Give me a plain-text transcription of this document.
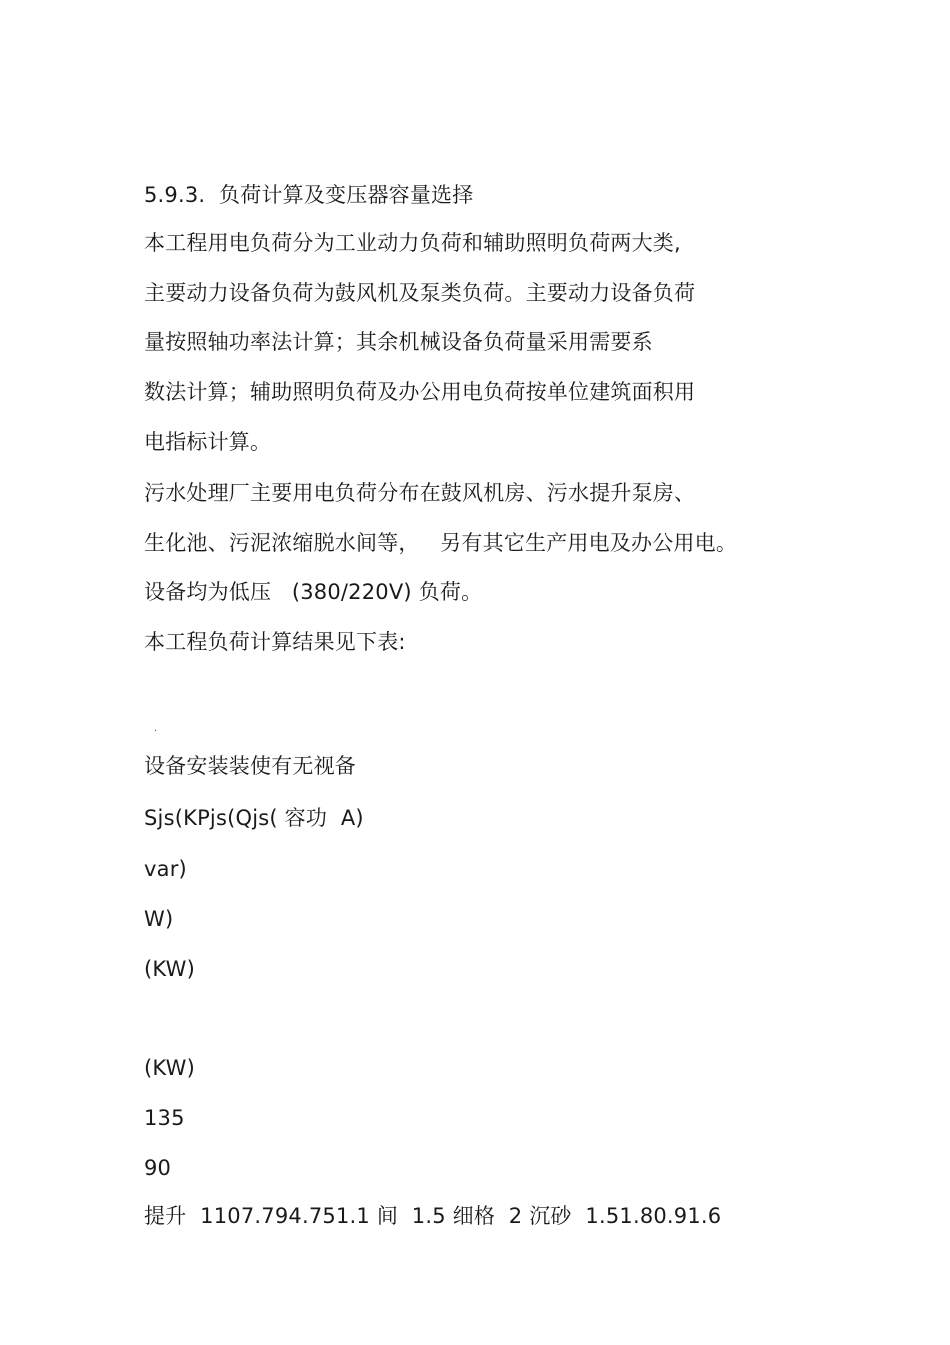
5.9.3.  负荷计算及变压器容量选择
本工程用电负荷分为工业动力负荷和辅助照明负荷两大类,
主要动力设备负荷为鼓风机及泵类负荷。主要动力设备负荷
量按照轴功率法计算；其余机械设备负荷量采用需要系
数法计算；辅助照明负荷及办公用电负荷按单位建筑面积用
电指标计算。
污水处理厂主要用电负荷分布在鼓风机房、污水提升泵房、
生化池、污泥浓缩脱水间等，   另有其它生产用电及办公用电。
设备均为低压   (380/220V) 负荷。
本工程负荷计算结果见下表:
.
设备安装装使有无视备
Sjs(KPjs(Qjs( 容功  A)
var)
W)
(KW)
(KW)
135
90
提升  1107.794.751.1 间  1.5 细格  2 沉砂  1.51.80.91.6
